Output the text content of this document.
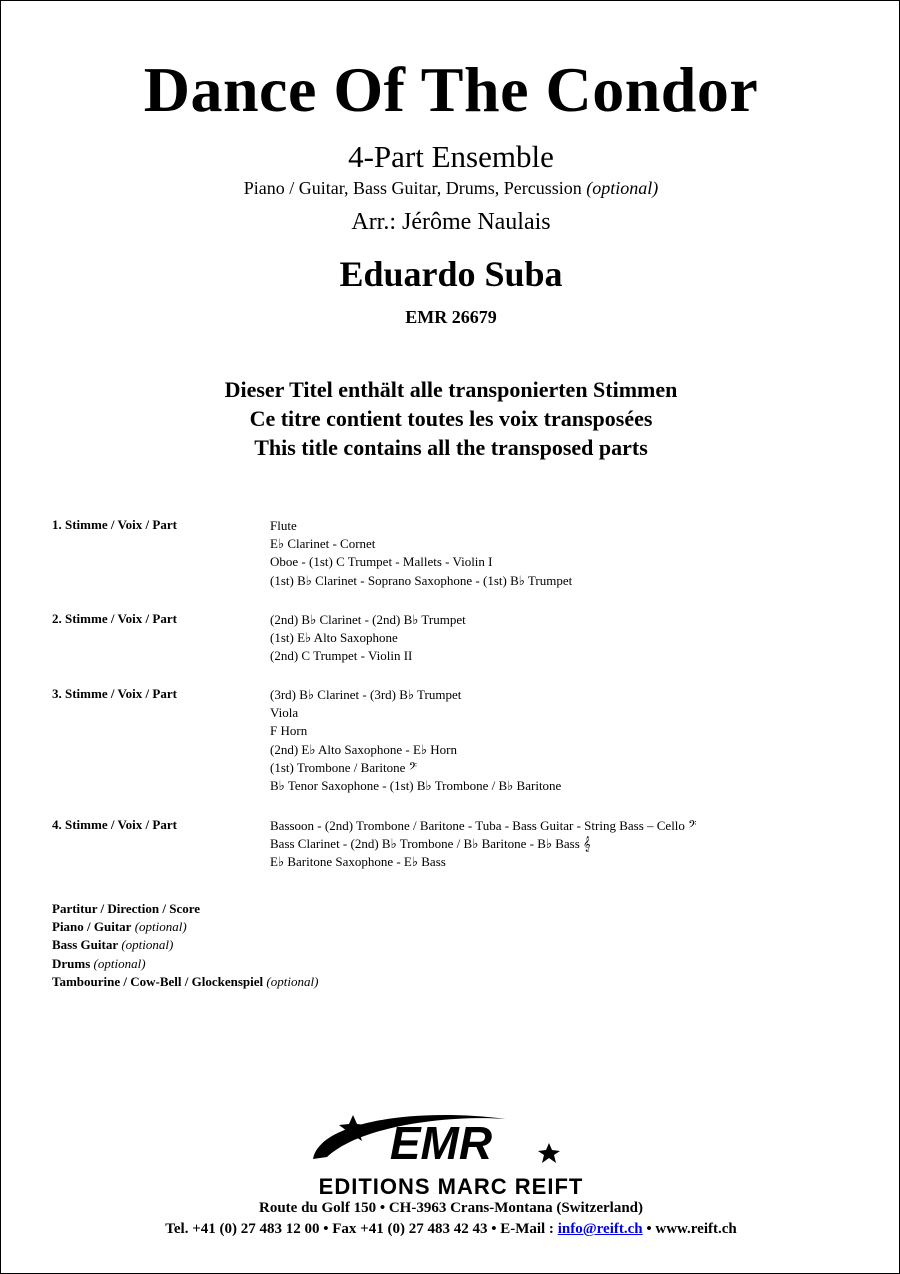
Dance Of The Condor
4-Part Ensemble
Piano / Guitar, Bass Guitar, Drums, Percussion (optional)
Arr.: Jérôme Naulais
Eduardo Suba
EMR 26679
Dieser Titel enthält alle transponierten Stimmen
Ce titre contient toutes les voix transposées
This title contains all the transposed parts
1. Stimme / Voix / Part	Flute
E♭ Clarinet - Cornet
Oboe - (1st) C Trumpet - Mallets - Violin I
(1st) B♭ Clarinet - Soprano Saxophone - (1st) B♭ Trumpet
2. Stimme / Voix / Part	(2nd) B♭ Clarinet - (2nd) B♭ Trumpet
(1st) E♭ Alto Saxophone
(2nd) C Trumpet - Violin II
3. Stimme / Voix / Part	(3rd) B♭ Clarinet - (3rd) B♭ Trumpet
Viola
F Horn
(2nd) E♭ Alto Saxophone - E♭ Horn
(1st) Trombone / Baritone 𝄢
B♭ Tenor Saxophone - (1st) B♭ Trombone / B♭ Baritone
4. Stimme / Voix / Part	Bassoon - (2nd) Trombone / Baritone - Tuba - Bass Guitar - String Bass – Cello 𝄢
Bass Clarinet - (2nd) B♭ Trombone / B♭ Baritone - B♭ Bass 𝄞
E♭ Baritone Saxophone - E♭ Bass
Partitur / Direction / Score
Piano / Guitar (optional)
Bass Guitar (optional)
Drums (optional)
Tambourine / Cow-Bell / Glockenspiel (optional)
EMR
EDITIONS MARC REIFT
Route du Golf 150 • CH-3963 Crans-Montana (Switzerland)
Tel. +41 (0) 27 483 12 00 • Fax +41 (0) 27 483 42 43 • E-Mail : info@reift.ch • www.reift.ch
